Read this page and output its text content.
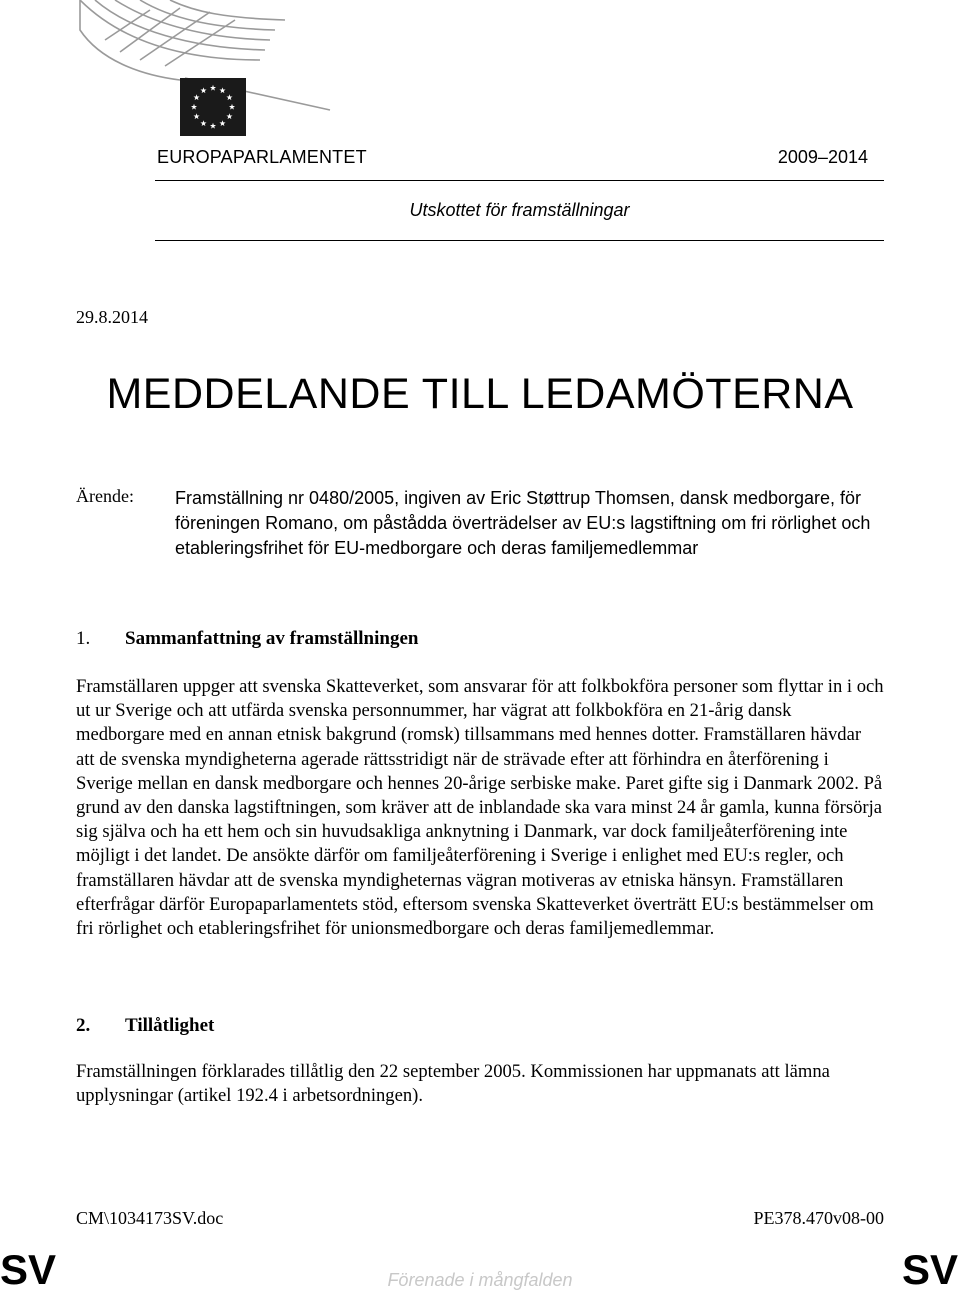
EUROPAPARLAMENTET	2009–2014
Utskottet för framställningar
29.8.2014
MEDDELANDE TILL LEDAMÖTERNA
Ärende: Framställning nr 0480/2005, ingiven av Eric Støttrup Thomsen, dansk medborgare, för föreningen Romano, om påstådda överträdelser av EU:s lagstiftning om fri rörlighet och etableringsfrihet för EU-medborgare och deras familjemedlemmar
1. Sammanfattning av framställningen
Framställaren uppger att svenska Skatteverket, som ansvarar för att folkbokföra personer som flyttar in i och ut ur Sverige och att utfärda svenska personnummer, har vägrat att folkbokföra en 21-årig dansk medborgare med en annan etnisk bakgrund (romsk) tillsammans med hennes dotter. Framställaren hävdar att de svenska myndigheterna agerade rättsstridigt när de strävade efter att förhindra en återförening i Sverige mellan en dansk medborgare och hennes 20-årige serbiske make. Paret gifte sig i Danmark 2002. På grund av den danska lagstiftningen, som kräver att de inblandade ska vara minst 24 år gamla, kunna försörja sig själva och ha ett hem och sin huvudsakliga anknytning i Danmark, var dock familjeåterförening inte möjligt i det landet. De ansökte därför om familjeåterförening i Sverige i enlighet med EU:s regler, och framställaren hävdar att de svenska myndigheternas vägran motiveras av etniska hänsyn. Framställaren efterfrågar därför Europaparlamentets stöd, eftersom svenska Skatteverket överträtt EU:s bestämmelser om fri rörlighet och etableringsfrihet för unionsmedborgare och deras familjemedlemmar.
2. Tillåtlighet
Framställningen förklarades tillåtlig den 22 september 2005. Kommissionen har uppmanats att lämna upplysningar (artikel 192.4 i arbetsordningen).
CM\1034173SV.doc	PE378.470v08-00
SV	Förenade i mångfalden	SV
